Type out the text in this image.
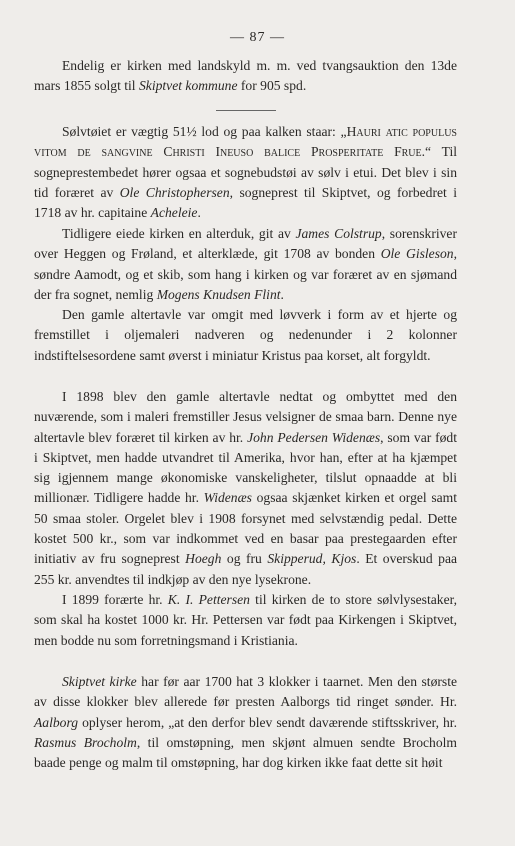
— 87 —

Endelig er kirken med landskyld m. m. ved tvangsauktion den 13de mars 1855 solgt til Skiptvet kommune for 905 spd.

Sølvtøiet er vægtig 51½ lod og paa kalken staar: „Hauri atic populus vitom de sangvine Christi Ineuso balice Prosperitate Frue.“ Til sogneprestembedet hører ogsaa et sognebudstøi av sølv i etui. Det blev i sin tid foræret av Ole Christophersen, sogneprest til Skiptvet, og forbedret i 1718 av hr. capitaine Acheleie.

Tidligere eiede kirken en alterduk, git av James Colstrup, sorenskriver over Heggen og Frøland, et alterklæde, git 1708 av bonden Ole Gisleson, søndre Aamodt, og et skib, som hang i kirken og var foræret av en sjømand der fra sognet, nemlig Mogens Knudsen Flint.

Den gamle altertavle var omgit med løvverk i form av et hjerte og fremstillet i oljemaleri nadveren og nedenunder i 2 kolonner indstiftelsesordene samt øverst i miniatur Kristus paa korset, alt forgyldt.

I 1898 blev den gamle altertavle nedtat og ombyttet med den nuværende, som i maleri fremstiller Jesus velsigner de smaa barn. Denne nye altertavle blev foræret til kirken av hr. John Pedersen Widenæs, som var født i Skiptvet, men hadde utvandret til Amerika, hvor han, efter at ha kjæmpet sig igjennem mange økonomiske vanskeligheter, tilslut opnaadde at bli millionær. Tidligere hadde hr. Widenæs ogsaa skjænket kirken et orgel samt 50 smaa stoler. Orgelet blev i 1908 forsynet med selvstændig pedal. Dette kostet 500 kr., som var indkommet ved en basar paa prestegaarden efter initiativ av fru sogneprest Hoegh og fru Skipperud, Kjos. Et overskud paa 255 kr. anvendtes til indkjøp av den nye lysekrone.

I 1899 forærte hr. K. I. Pettersen til kirken de to store sølvlysestaker, som skal ha kostet 1000 kr. Hr. Pettersen var født paa Kirkengen i Skiptvet, men bodde nu som forretningsmand i Kristiania.

Skiptvet kirke har før aar 1700 hat 3 klokker i taarnet. Men den største av disse klokker blev allerede før presten Aalborgs tid ringet sønder. Hr. Aalborg oplyser herom, „at den derfor blev sendt daværende stiftsskriver, hr. Rasmus Brocholm, til omstøpning, men skjønt almuen sendte Brocholm baade penge og malm til omstøpning, har dog kirken ikke faat dette sit høit
